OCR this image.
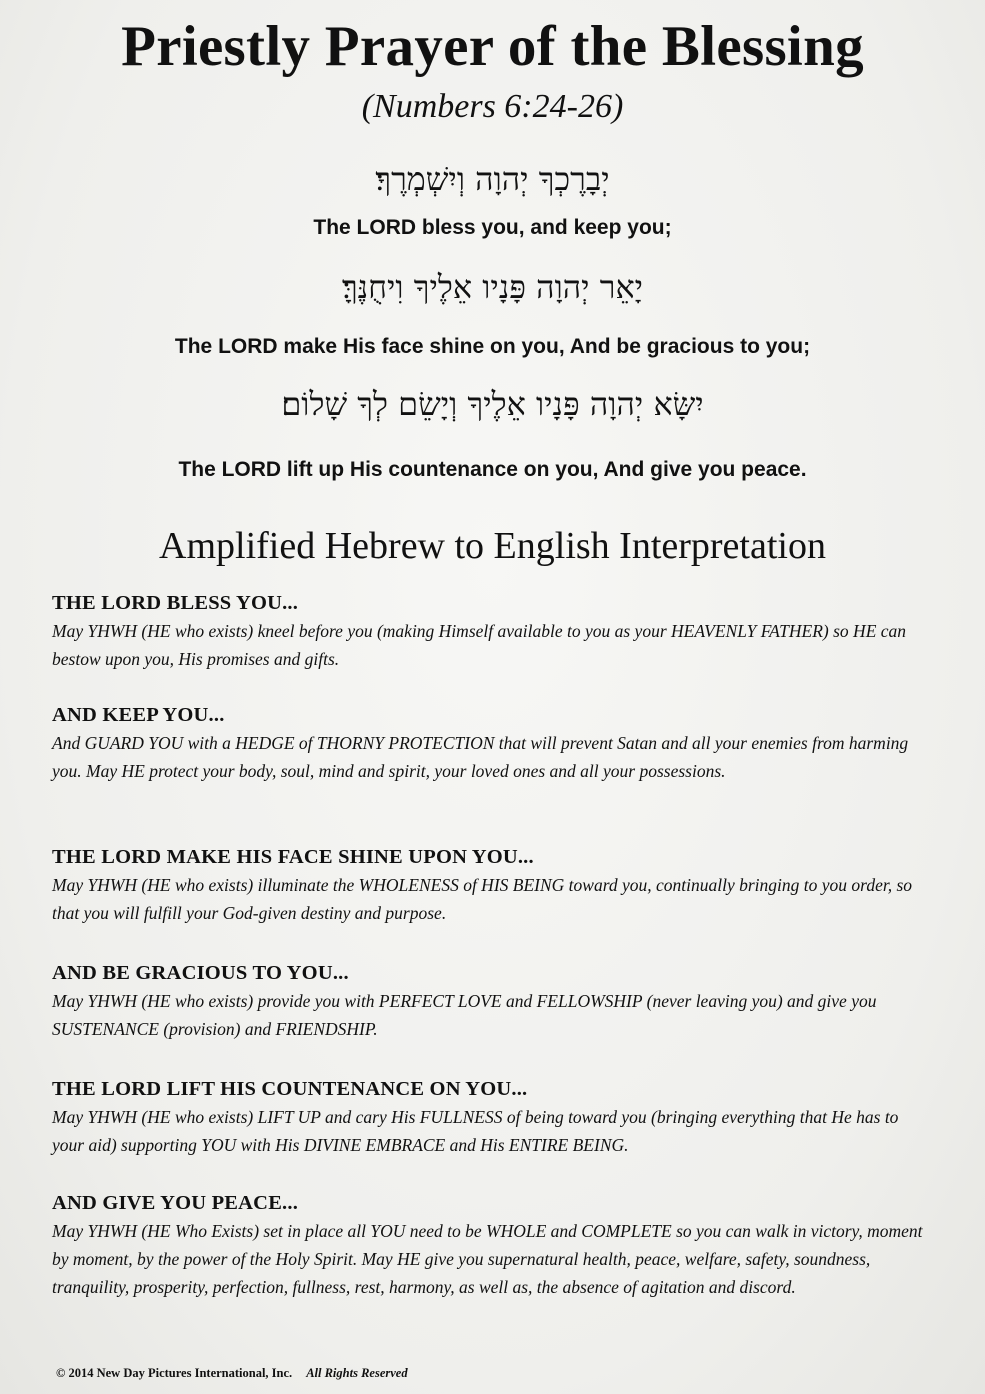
Priestly Prayer of the Blessing
(Numbers 6:24-26)
יְבָרֶכְךָ יְהוָה וְיִשְׁמְרֶךָ׃
The LORD bless you, and keep you;
יָאֵר יְהוָה פָּנָיו אֵלֶיךָ וִיחֻנֶּךָּ׃
The LORD make His face shine on you, And be gracious to you;
יִשָּׂא יְהוָה פָּנָיו אֵלֶיךָ וְיָשֵׂם לְךָ שָׁלוֹם׃
The LORD lift up His countenance on you, And give you peace.
Amplified Hebrew to English Interpretation
THE LORD BLESS YOU...
May YHWH (HE who exists) kneel before you (making Himself available to you as your HEAVENLY FATHER) so HE can bestow upon you, His promises and gifts.
AND KEEP YOU...
And GUARD YOU with a HEDGE of THORNY PROTECTION that will prevent Satan and all your enemies from harming you. May HE protect your body, soul, mind and spirit, your loved ones and all your possessions.
THE LORD MAKE HIS FACE SHINE UPON YOU...
May YHWH (HE who exists) illuminate the WHOLENESS of HIS BEING toward you, continually bringing to you order, so that you will fulfill your God-given destiny and purpose.
AND BE GRACIOUS TO YOU...
May YHWH (HE who exists) provide you with PERFECT LOVE and FELLOWSHIP (never leaving you) and give you SUSTENANCE (provision) and FRIENDSHIP.
THE LORD LIFT HIS COUNTENANCE ON YOU...
May YHWH (HE who exists) LIFT UP and cary His FULLNESS of being toward you (bringing everything that He has to your aid) supporting YOU with His DIVINE EMBRACE and His ENTIRE BEING.
AND GIVE YOU PEACE...
May YHWH (HE Who Exists) set in place all YOU need to be WHOLE and COMPLETE so you can walk in victory, moment by moment, by the power of the Holy Spirit. May HE give you supernatural health, peace, welfare, safety, soundness, tranquility, prosperity, perfection, fullness, rest, harmony, as well as, the absence of agitation and discord.
© 2014 New Day Pictures International, Inc. All Rights Reserved
